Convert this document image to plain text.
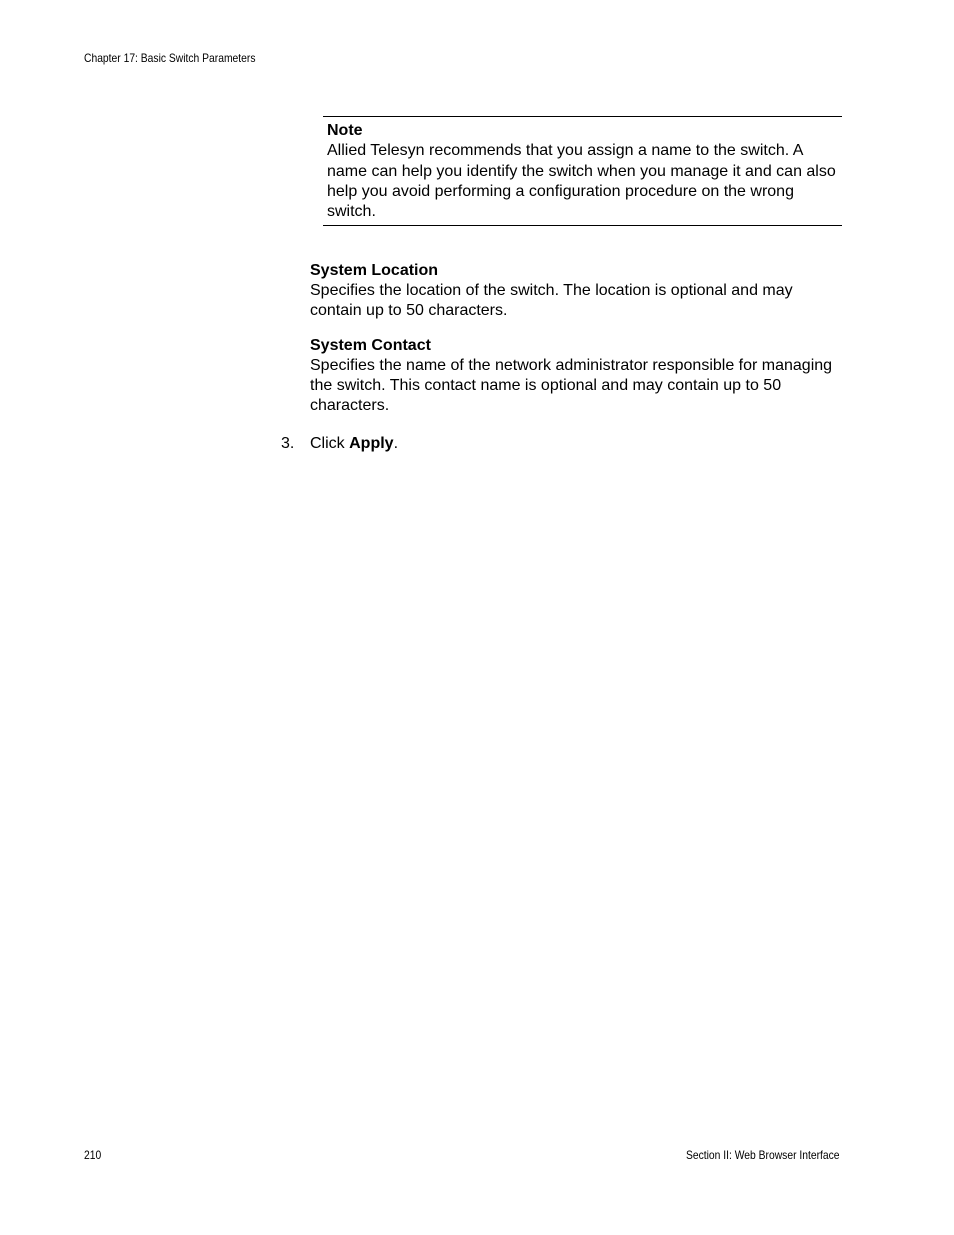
Chapter 17: Basic Switch Parameters
Note
Allied Telesyn recommends that you assign a name to the switch. A name can help you identify the switch when you manage it and can also help you avoid performing a configuration procedure on the wrong switch.
System Location
Specifies the location of the switch. The location is optional and may contain up to 50 characters.
System Contact
Specifies the name of the network administrator responsible for managing the switch. This contact name is optional and may contain up to 50 characters.
3. Click Apply.
210	Section II: Web Browser Interface
